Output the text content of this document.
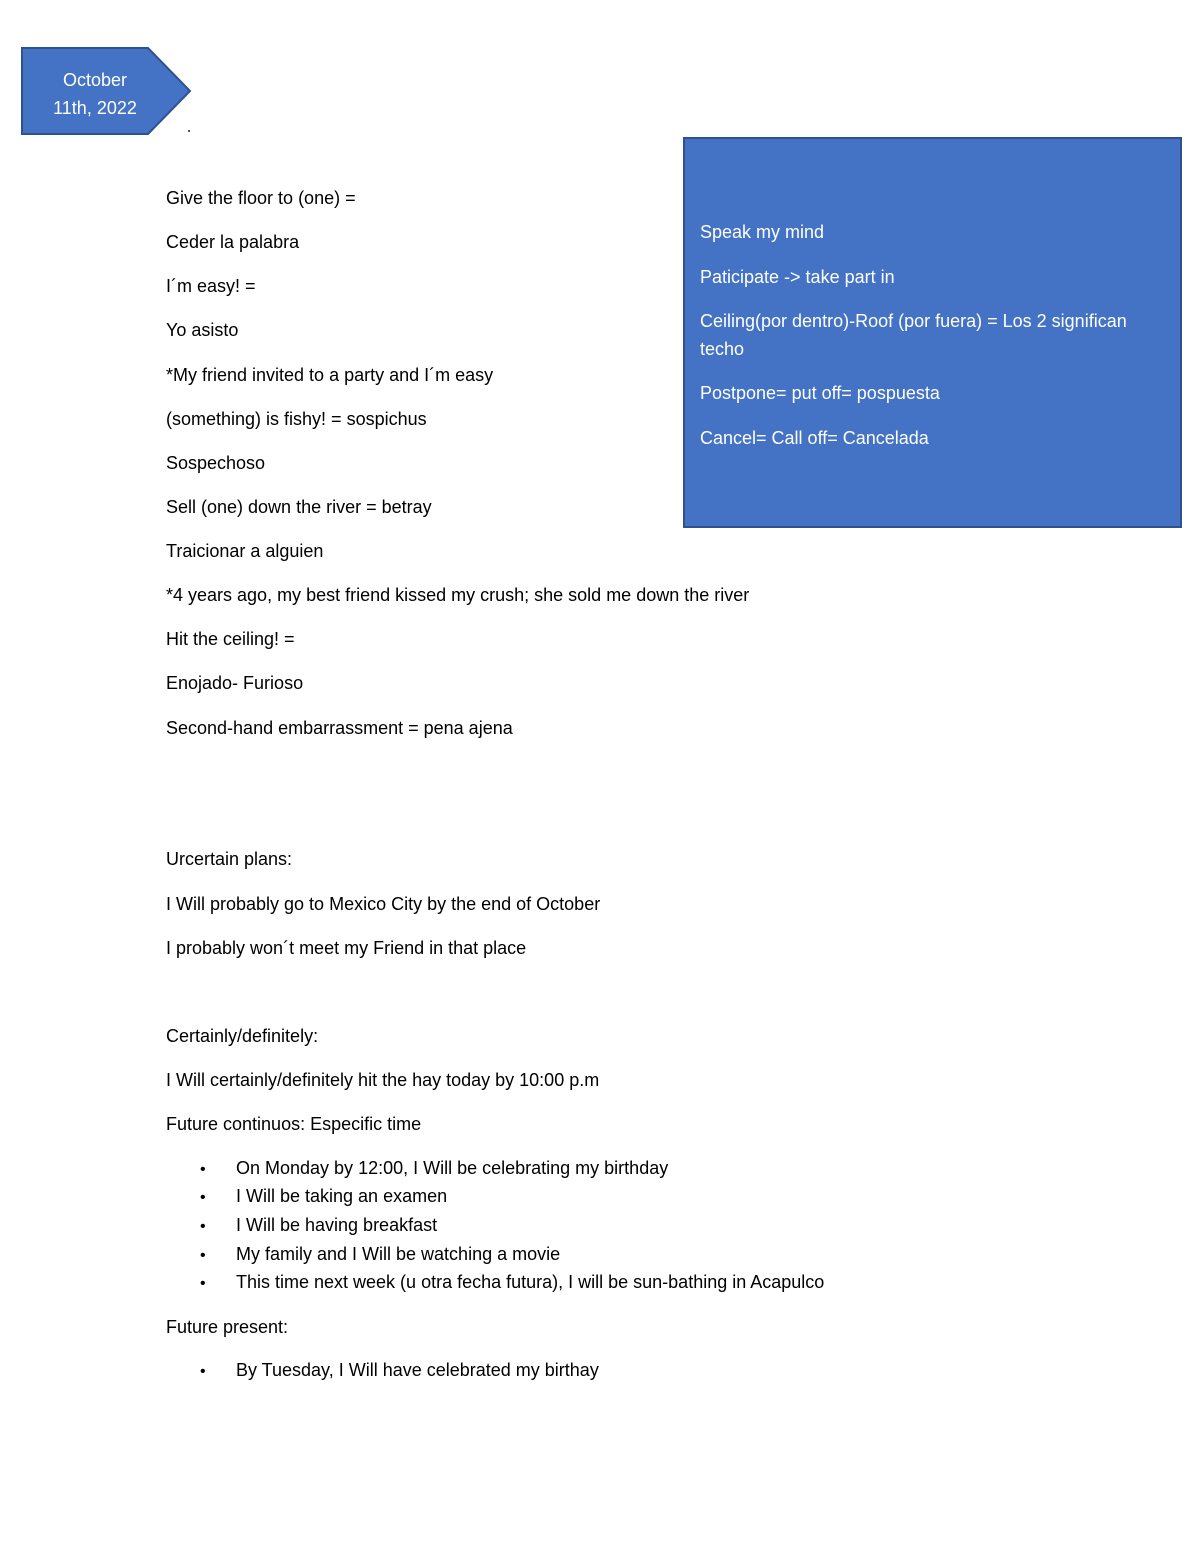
October
11th, 2022
Speak my mind
Paticipate -> take part in
Ceiling(por dentro)-Roof (por fuera) = Los 2 significan techo
Postpone= put off= pospuesta
Cancel= Call off= Cancelada
Give the floor to (one) =
Ceder la palabra
I´m easy! =
Yo asisto
*My friend invited to a party and I´m easy
(something) is fishy! = sospichus
Sospechoso
Sell (one) down the river = betray
Traicionar a alguien
*4 years ago, my best friend kissed my crush; she sold me down the river
Hit the ceiling! =
Enojado- Furioso
Second-hand embarrassment = pena ajena
Urcertain plans:
I Will probably go to Mexico City by the end of October
I probably won´t meet my Friend in that place
Certainly/definitely:
I Will certainly/definitely hit the hay today by 10:00 p.m
Future continuos: Especific time
• On Monday by 12:00, I Will be celebrating my birthday
• I Will be taking an examen
• I Will be having breakfast
• My family and I Will be watching a movie
• This time next week (u otra fecha futura), I will be sun-bathing in Acapulco
Future present:
• By Tuesday, I Will have celebrated my birthay
